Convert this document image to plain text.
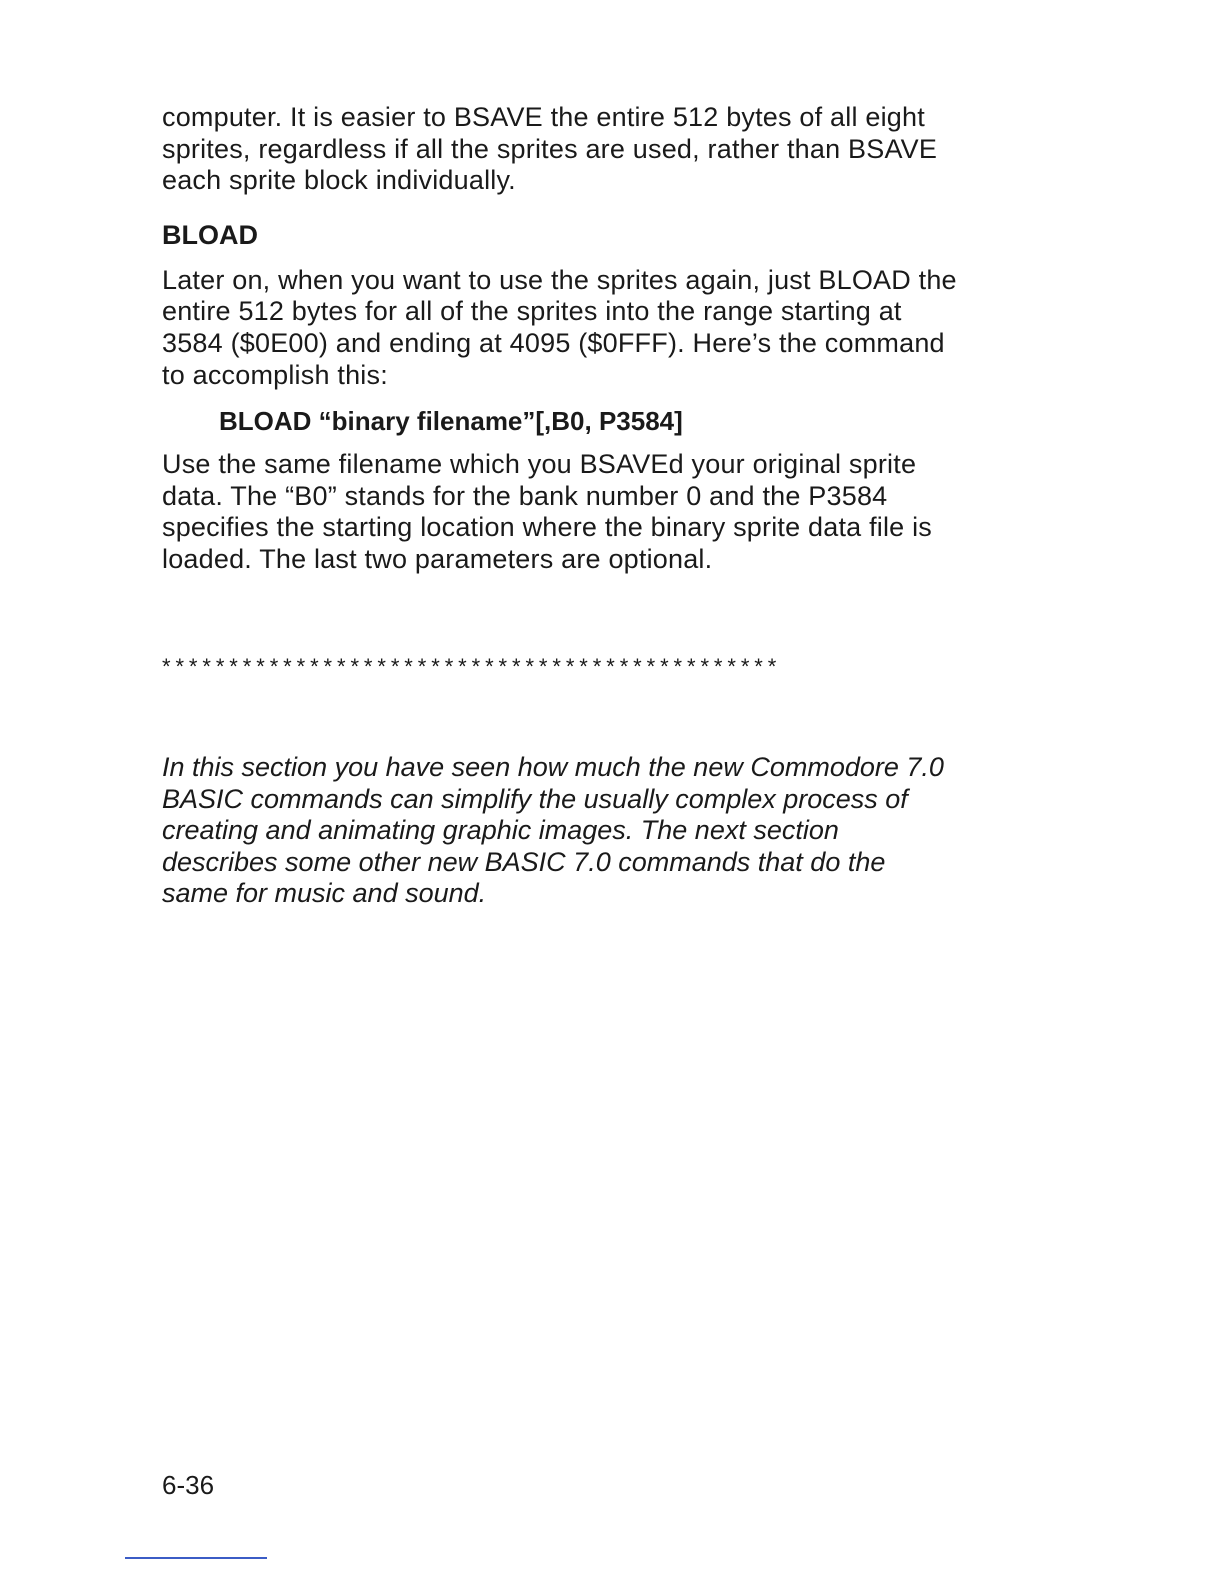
computer. It is easier to BSAVE the entire 512 bytes of all eight
sprites, regardless if all the sprites are used, rather than BSAVE
each sprite block individually.

BLOAD

Later on, when you want to use the sprites again, just BLOAD the
entire 512 bytes for all of the sprites into the range starting at
3584 ($0E00) and ending at 4095 ($0FFF). Here’s the command
to accomplish this:

BLOAD “binary filename”[,B0, P3584]

Use the same filename which you BSAVEd your original sprite
data. The “B0” stands for the bank number 0 and the P3584
specifies the starting location where the binary sprite data file is
loaded. The last two parameters are optional.

**********************************************

In this section you have seen how much the new Commodore 7.0
BASIC commands can simplify the usually complex process of
creating and animating graphic images. The next section
describes some other new BASIC 7.0 commands that do the
same for music and sound.

6-36
